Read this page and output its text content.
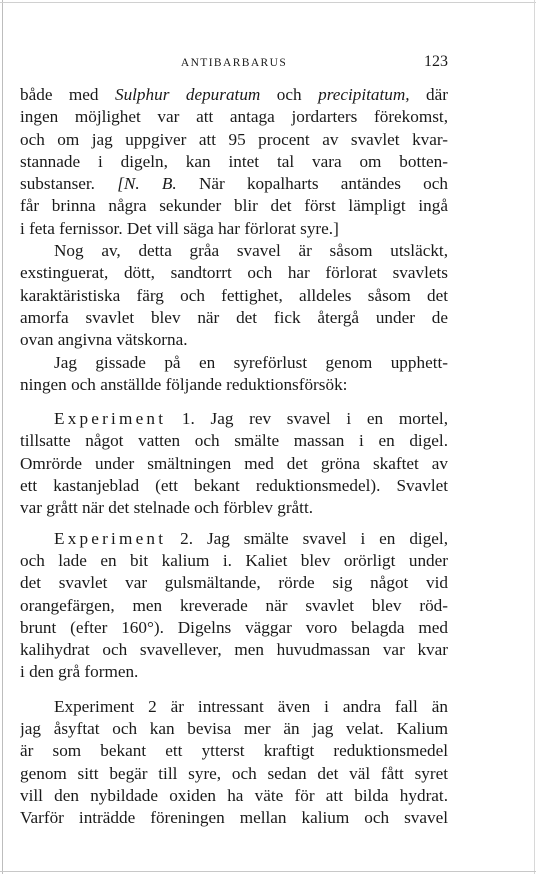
ANTIBARBARUS	123
både med Sulphur depuratum och precipitatum, där
ingen möjlighet var att antaga jordarters förekomst,
och om jag uppgiver att 95 procent av svavlet kvar-
stannade i digeln, kan intet tal vara om botten-
substanser. [N. B. När kopalharts antändes och
får brinna några sekunder blir det först lämpligt ingå
i feta fernissor. Det vill säga har förlorat syre.]
Nog av, detta gråa svavel är såsom utsläckt,
exstinguerat, dött, sandtorrt och har förlorat svavlets
karaktäristiska färg och fettighet, alldeles såsom det
amorfa svavlet blev när det fick återgå under de
ovan angivna vätskorna.
Jag gissade på en syreförlust genom upphett-
ningen och anställde följande reduktionsförsök:
Experiment 1. Jag rev svavel i en mortel,
tillsatte något vatten och smälte massan i en digel.
Omrörde under smältningen med det gröna skaftet av
ett kastanjeblad (ett bekant reduktionsmedel). Svavlet
var grått när det stelnade och förblev grått.
Experiment 2. Jag smälte svavel i en digel,
och lade en bit kalium i. Kaliet blev orörligt under
det svavlet var gulsmältande, rörde sig något vid
orangefärgen, men kreverade när svavlet blev röd-
brunt (efter 160°). Digelns väggar voro belagda med
kalihydrat och svavellever, men huvudmassan var kvar
i den grå formen.
Experiment 2 är intressant även i andra fall än
jag åsyftat och kan bevisa mer än jag velat. Kalium
är som bekant ett ytterst kraftigt reduktionsmedel
genom sitt begär till syre, och sedan det väl fått syret
vill den nybildade oxiden ha väte för att bilda hydrat.
Varför inträdde föreningen mellan kalium och svavel
